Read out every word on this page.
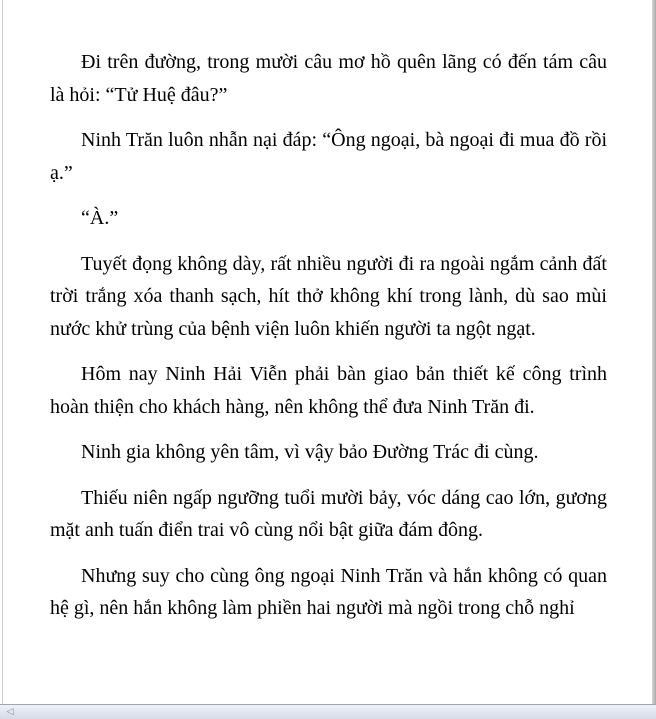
Đi trên đường, trong mười câu mơ hồ quên lãng có đến tám câu là hỏi: “Tử Huệ đâu?”

Ninh Trăn luôn nhẫn nại đáp: “Ông ngoại, bà ngoại đi mua đồ rồi ạ.”

“À.”

Tuyết đọng không dày, rất nhiều người đi ra ngoài ngắm cảnh đất trời trắng xóa thanh sạch, hít thở không khí trong lành, dù sao mùi nước khử trùng của bệnh viện luôn khiến người ta ngột ngạt.

Hôm nay Ninh Hải Viễn phải bàn giao bản thiết kế công trình hoàn thiện cho khách hàng, nên không thể đưa Ninh Trăn đi.

Ninh gia không yên tâm, vì vậy bảo Đường Trác đi cùng.

Thiếu niên ngấp ngưỡng tuổi mười bảy, vóc dáng cao lớn, gương mặt anh tuấn điển trai vô cùng nổi bật giữa đám đông.

Nhưng suy cho cùng ông ngoại Ninh Trăn và hắn không có quan hệ gì, nên hắn không làm phiền hai người mà ngồi trong chỗ nghỉ

◁
